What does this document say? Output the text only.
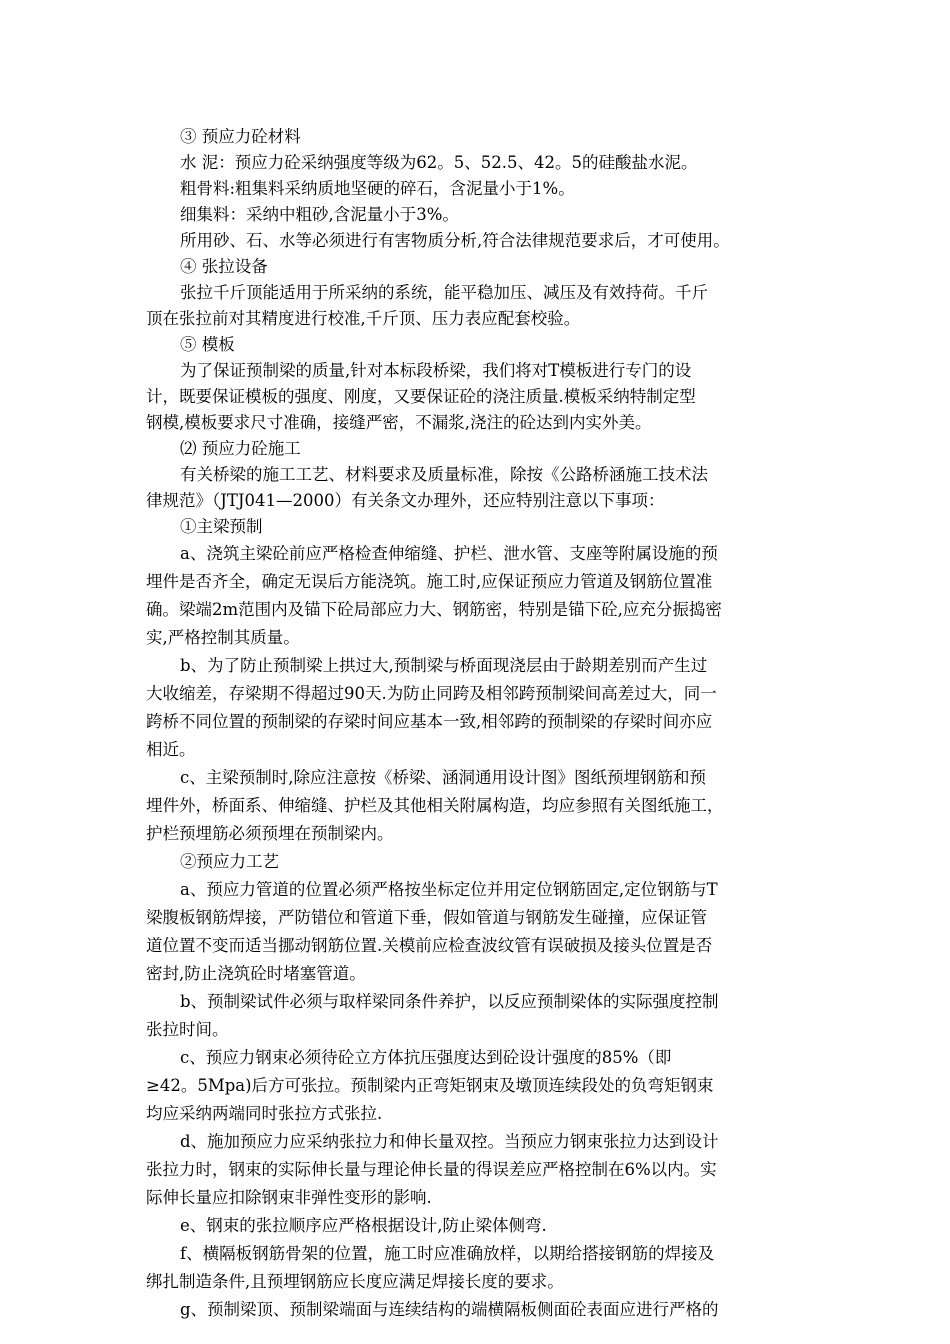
③ 预应力砼材料
水 泥：预应力砼采纳强度等级为62。5、52.5、42。5的硅酸盐水泥。
粗骨料:粗集料采纳质地坚硬的碎石，含泥量小于1%。
细集料：采纳中粗砂,含泥量小于3%。
所用砂、石、水等必须进行有害物质分析,符合法律规范要求后，才可使用。
④ 张拉设备
张拉千斤顶能适用于所采纳的系统，能平稳加压、减压及有效持荷。千斤
顶在张拉前对其精度进行校准,千斤顶、压力表应配套校验。
⑤ 模板
为了保证预制梁的质量,针对本标段桥梁，我们将对T模板进行专门的设
计，既要保证模板的强度、刚度，又要保证砼的浇注质量.模板采纳特制定型
钢模,模板要求尺寸准确，接缝严密，不漏浆,浇注的砼达到内实外美。
⑵ 预应力砼施工
有关桥梁的施工工艺、材料要求及质量标准，除按《公路桥涵施工技术法
律规范》（JTJ041—2000）有关条文办理外，还应特别注意以下事项：
①主梁预制
a、浇筑主梁砼前应严格检查伸缩缝、护栏、泄水管、支座等附属设施的预
埋件是否齐全，确定无误后方能浇筑。施工时,应保证预应力管道及钢筋位置准
确。梁端2m范围内及锚下砼局部应力大、钢筋密，特别是锚下砼,应充分振捣密
实,严格控制其质量。
b、为了防止预制梁上拱过大,预制梁与桥面现浇层由于龄期差别而产生过
大收缩差，存梁期不得超过90天.为防止同跨及相邻跨预制梁间高差过大，同一
跨桥不同位置的预制梁的存梁时间应基本一致,相邻跨的预制梁的存梁时间亦应
相近。
c、主梁预制时,除应注意按《桥梁、涵洞通用设计图》图纸预埋钢筋和预
埋件外，桥面系、伸缩缝、护栏及其他相关附属构造，均应参照有关图纸施工，
护栏预埋筋必须预埋在预制梁内。
②预应力工艺
a、预应力管道的位置必须严格按坐标定位并用定位钢筋固定,定位钢筋与T
梁腹板钢筋焊接，严防错位和管道下垂，假如管道与钢筋发生碰撞，应保证管
道位置不变而适当挪动钢筋位置.关模前应检查波纹管有误破损及接头位置是否
密封,防止浇筑砼时堵塞管道。
b、预制梁试件必须与取样梁同条件养护，以反应预制梁体的实际强度控制
张拉时间。
c、预应力钢束必须待砼立方体抗压强度达到砼设计强度的85%（即
≥42。5Mpa)后方可张拉。预制梁内正弯矩钢束及墩顶连续段处的负弯矩钢束
均应采纳两端同时张拉方式张拉.
d、施加预应力应采纳张拉力和伸长量双控。当预应力钢束张拉力达到设计
张拉力时，钢束的实际伸长量与理论伸长量的得误差应严格控制在6%以内。实
际伸长量应扣除钢束非弹性变形的影响.
e、钢束的张拉顺序应严格根据设计,防止梁体侧弯.
f、横隔板钢筋骨架的位置，施工时应准确放样，以期给搭接钢筋的焊接及
绑扎制造条件,且预埋钢筋应长度应满足焊接长度的要求。
g、预制梁顶、预制梁端面与连续结构的端横隔板侧面砼表面应进行严格的
